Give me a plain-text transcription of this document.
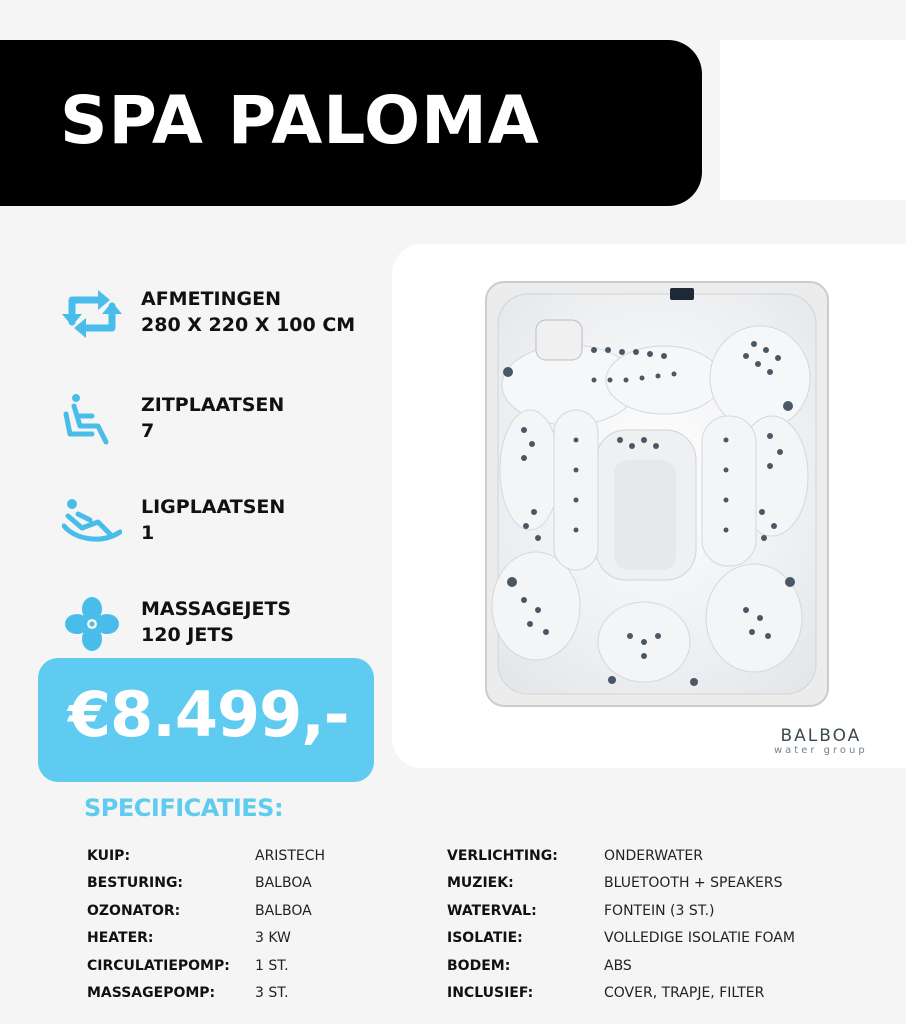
SPA PALOMA
BALBOA
water group
AFMETINGEN
280 X 220 X 100 CM
ZITPLAATSEN
7
LIGPLAATSEN
1
MASSAGEJETS
120 JETS
€8.499,-
SPECIFICATIES:
KUIP:	ARISTECH
BESTURING:	BALBOA
OZONATOR:	BALBOA
HEATER:	3 KW
CIRCULATIEPOMP: 1 ST.
MASSAGEPOMP:	3 ST.
VERLICHTING:	ONDERWATER
MUZIEK:	BLUETOOTH + SPEAKERS
WATERVAL:	FONTEIN (3 ST.)
ISOLATIE:	VOLLEDIGE ISOLATIE FOAM
BODEM:	ABS
INCLUSIEF:	COVER, TRAPJE, FILTER
